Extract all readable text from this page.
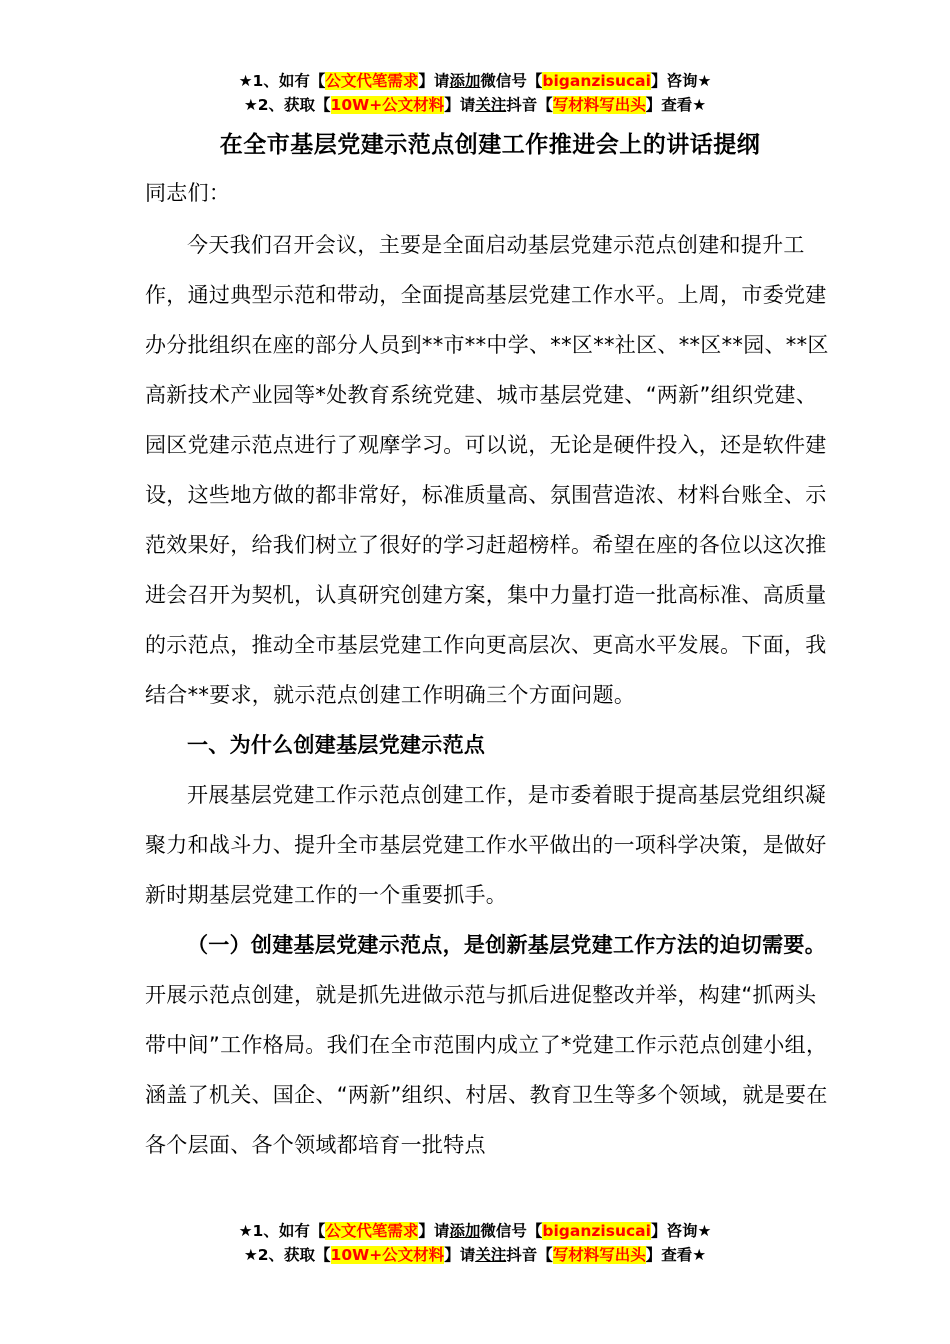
★1、如有【公文代笔需求】请添加微信号【biganzisucai】咨询★
★2、获取【10W+公文材料】请关注抖音【写材料写出头】查看★
在全市基层党建示范点创建工作推进会上的讲话提纲

同志们：

今天我们召开会议，主要是全面启动基层党建示范点创建和提升工作，通过典型示范和带动，全面提高基层党建工作水平。上周，市委党建办分批组织在座的部分人员到**市**中学、**区**社区、**区**园、**区高新技术产业园等*处教育系统党建、城市基层党建、“两新”组织党建、园区党建示范点进行了观摩学习。可以说，无论是硬件投入，还是软件建设，这些地方做的都非常好，标准质量高、氛围营造浓、材料台账全、示范效果好，给我们树立了很好的学习赶超榜样。希望在座的各位以这次推进会召开为契机，认真研究创建方案，集中力量打造一批高标准、高质量的示范点，推动全市基层党建工作向更高层次、更高水平发展。下面，我结合**要求，就示范点创建工作明确三个方面问题。

一、为什么创建基层党建示范点

开展基层党建工作示范点创建工作，是市委着眼于提高基层党组织凝聚力和战斗力、提升全市基层党建工作水平做出的一项科学决策，是做好新时期基层党建工作的一个重要抓手。

（一）创建基层党建示范点，是创新基层党建工作方法的迫切需要。开展示范点创建，就是抓先进做示范与抓后进促整改并举，构建“抓两头带中间”工作格局。我们在全市范围内成立了*党建工作示范点创建小组，涵盖了机关、国企、“两新”组织、村居、教育卫生等多个领域，就是要在各个层面、各个领域都培育一批特点

★1、如有【公文代笔需求】请添加微信号【biganzisucai】咨询★
★2、获取【10W+公文材料】请关注抖音【写材料写出头】查看★
